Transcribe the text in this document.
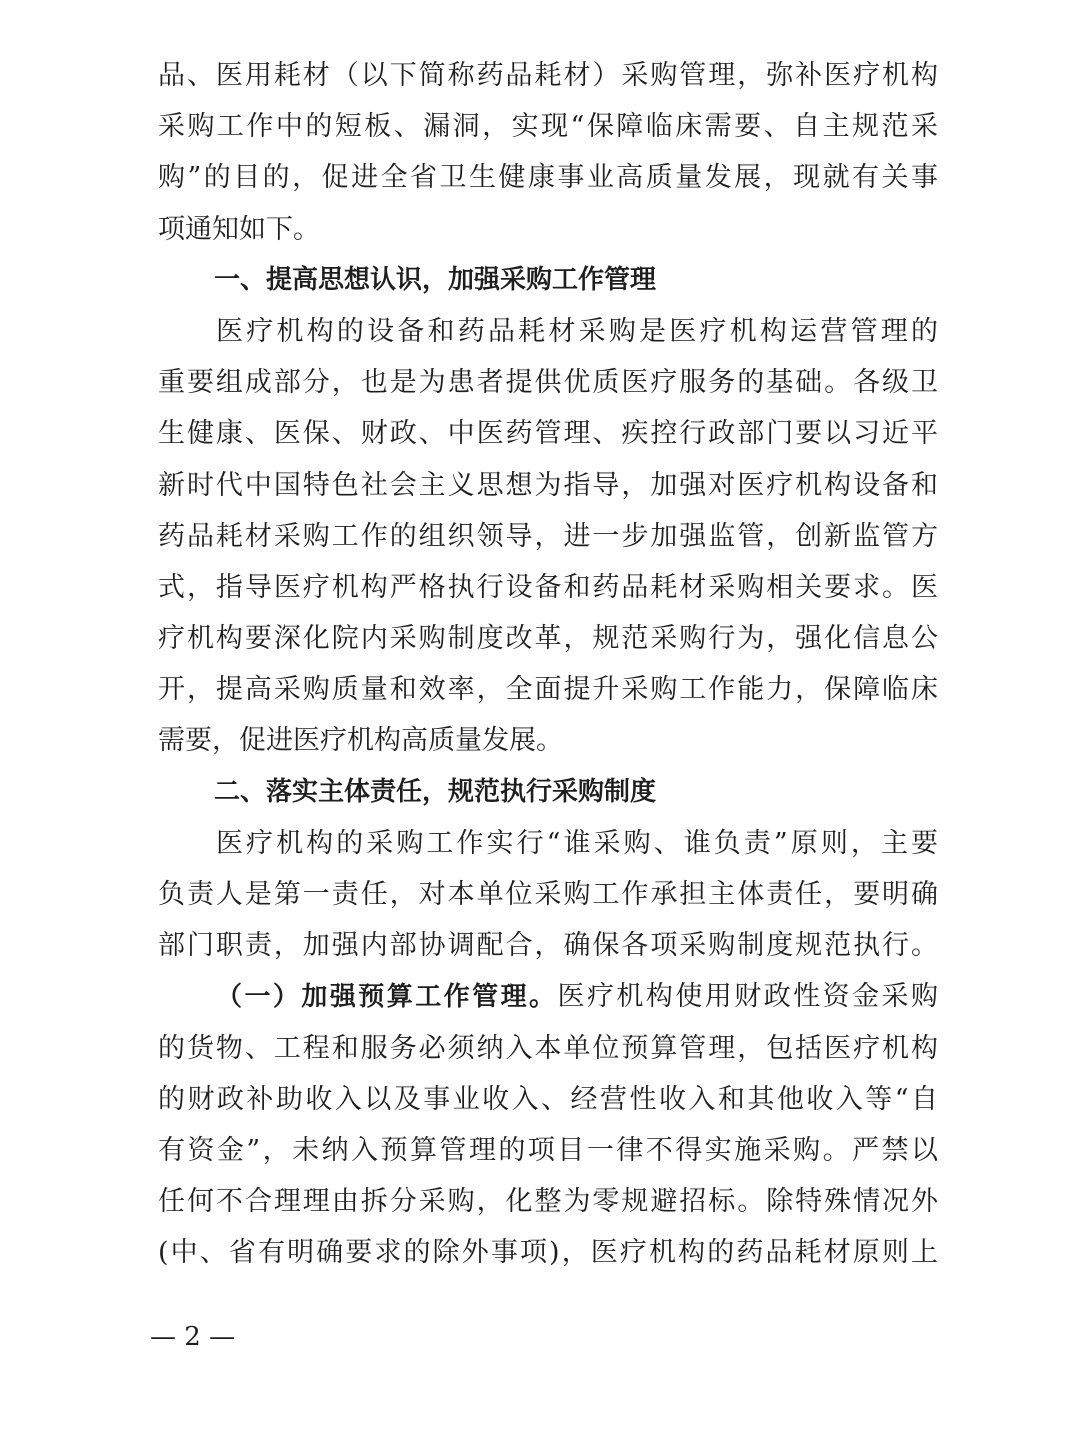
品、医用耗材（以下简称药品耗材）采购管理，弥补医疗机构
采购工作中的短板、漏洞，实现“保障临床需要、自主规范采
购”的目的，促进全省卫生健康事业高质量发展，现就有关事
项通知如下。
一、提高思想认识，加强采购工作管理
医疗机构的设备和药品耗材采购是医疗机构运营管理的
重要组成部分，也是为患者提供优质医疗服务的基础。各级卫
生健康、医保、财政、中医药管理、疾控行政部门要以习近平
新时代中国特色社会主义思想为指导，加强对医疗机构设备和
药品耗材采购工作的组织领导，进一步加强监管，创新监管方
式，指导医疗机构严格执行设备和药品耗材采购相关要求。医
疗机构要深化院内采购制度改革，规范采购行为，强化信息公
开，提高采购质量和效率，全面提升采购工作能力，保障临床
需要，促进医疗机构高质量发展。
二、落实主体责任，规范执行采购制度
医疗机构的采购工作实行“谁采购、谁负责”原则，主要
负责人是第一责任，对本单位采购工作承担主体责任，要明确
部门职责，加强内部协调配合，确保各项采购制度规范执行。
（一）加强预算工作管理。医疗机构使用财政性资金采购
的货物、工程和服务必须纳入本单位预算管理，包括医疗机构
的财政补助收入以及事业收入、经营性收入和其他收入等“自
有资金”，未纳入预算管理的项目一律不得实施采购。严禁以
任何不合理理由拆分采购，化整为零规避招标。除特殊情况外
(中、省有明确要求的除外事项)，医疗机构的药品耗材原则上
— 2 —
